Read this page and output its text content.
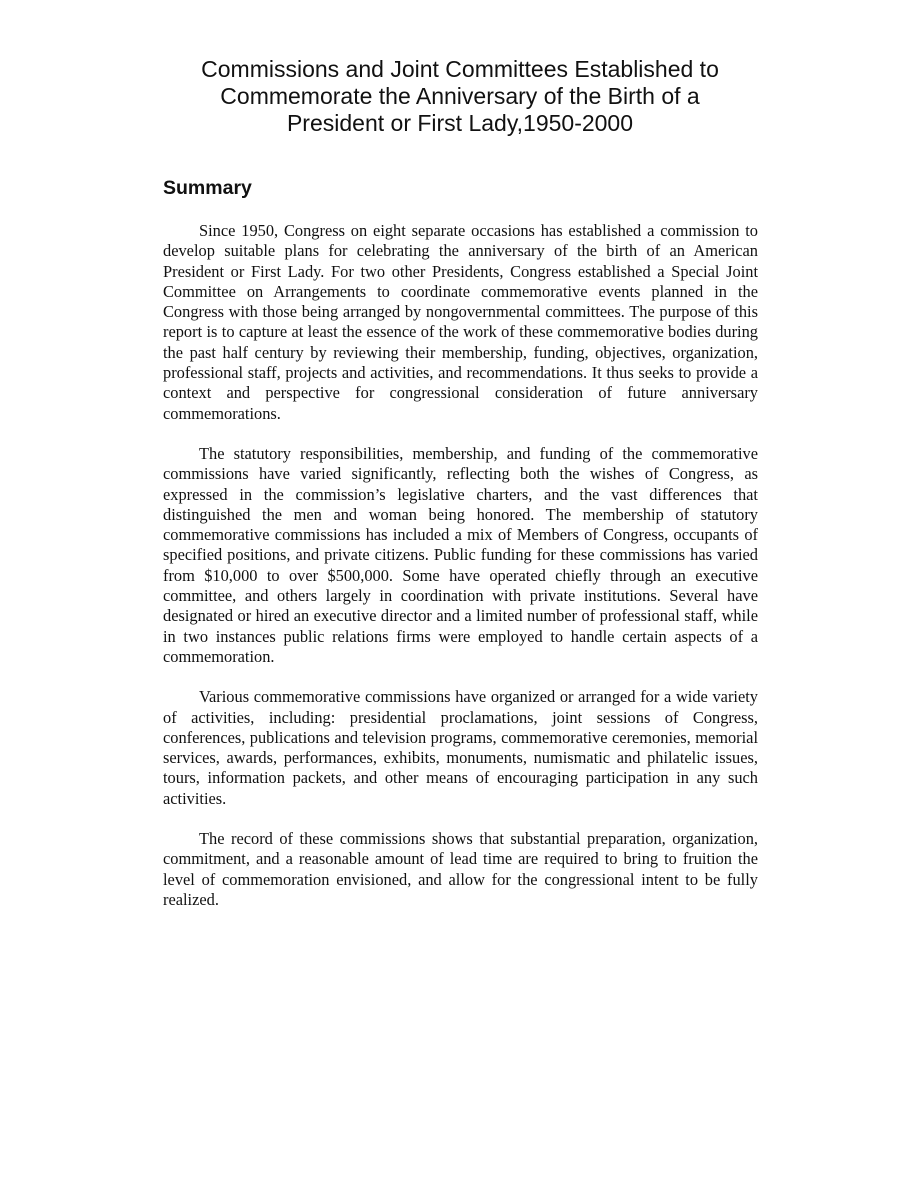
Commissions and Joint Committees Established to
Commemorate the Anniversary of the Birth of a
President or First Lady,1950-2000
Summary

Since 1950, Congress on eight separate occasions has established a commission to develop suitable plans for celebrating the anniversary of the birth of an American President or First Lady. For two other Presidents, Congress established a Special Joint Committee on Arrangements to coordinate commemorative events planned in the Congress with those being arranged by nongovernmental committees. The purpose of this report is to capture at least the essence of the work of these commemorative bodies during the past half century by reviewing their membership, funding, objectives, organization, professional staff, projects and activities, and recommendations. It thus seeks to provide a context and perspective for congressional consideration of future anniversary commemorations.

The statutory responsibilities, membership, and funding of the commemorative commissions have varied significantly, reflecting both the wishes of Congress, as expressed in the commission’s legislative charters, and the vast differences that distinguished the men and woman being honored. The membership of statutory commemorative commissions has included a mix of Members of Congress, occupants of specified positions, and private citizens. Public funding for these commissions has varied from $10,000 to over $500,000. Some have operated chiefly through an executive committee, and others largely in coordination with private institutions. Several have designated or hired an executive director and a limited number of professional staff, while in two instances public relations firms were employed to handle certain aspects of a commemoration.

Various commemorative commissions have organized or arranged for a wide variety of activities, including: presidential proclamations, joint sessions of Congress, conferences, publications and television programs, commemorative ceremonies, memorial services, awards, performances, exhibits, monuments, numismatic and philatelic issues, tours, information packets, and other means of encouraging participation in any such activities.

The record of these commissions shows that substantial preparation, organization, commitment, and a reasonable amount of lead time are required to bring to fruition the level of commemoration envisioned, and allow for the congressional intent to be fully realized.
